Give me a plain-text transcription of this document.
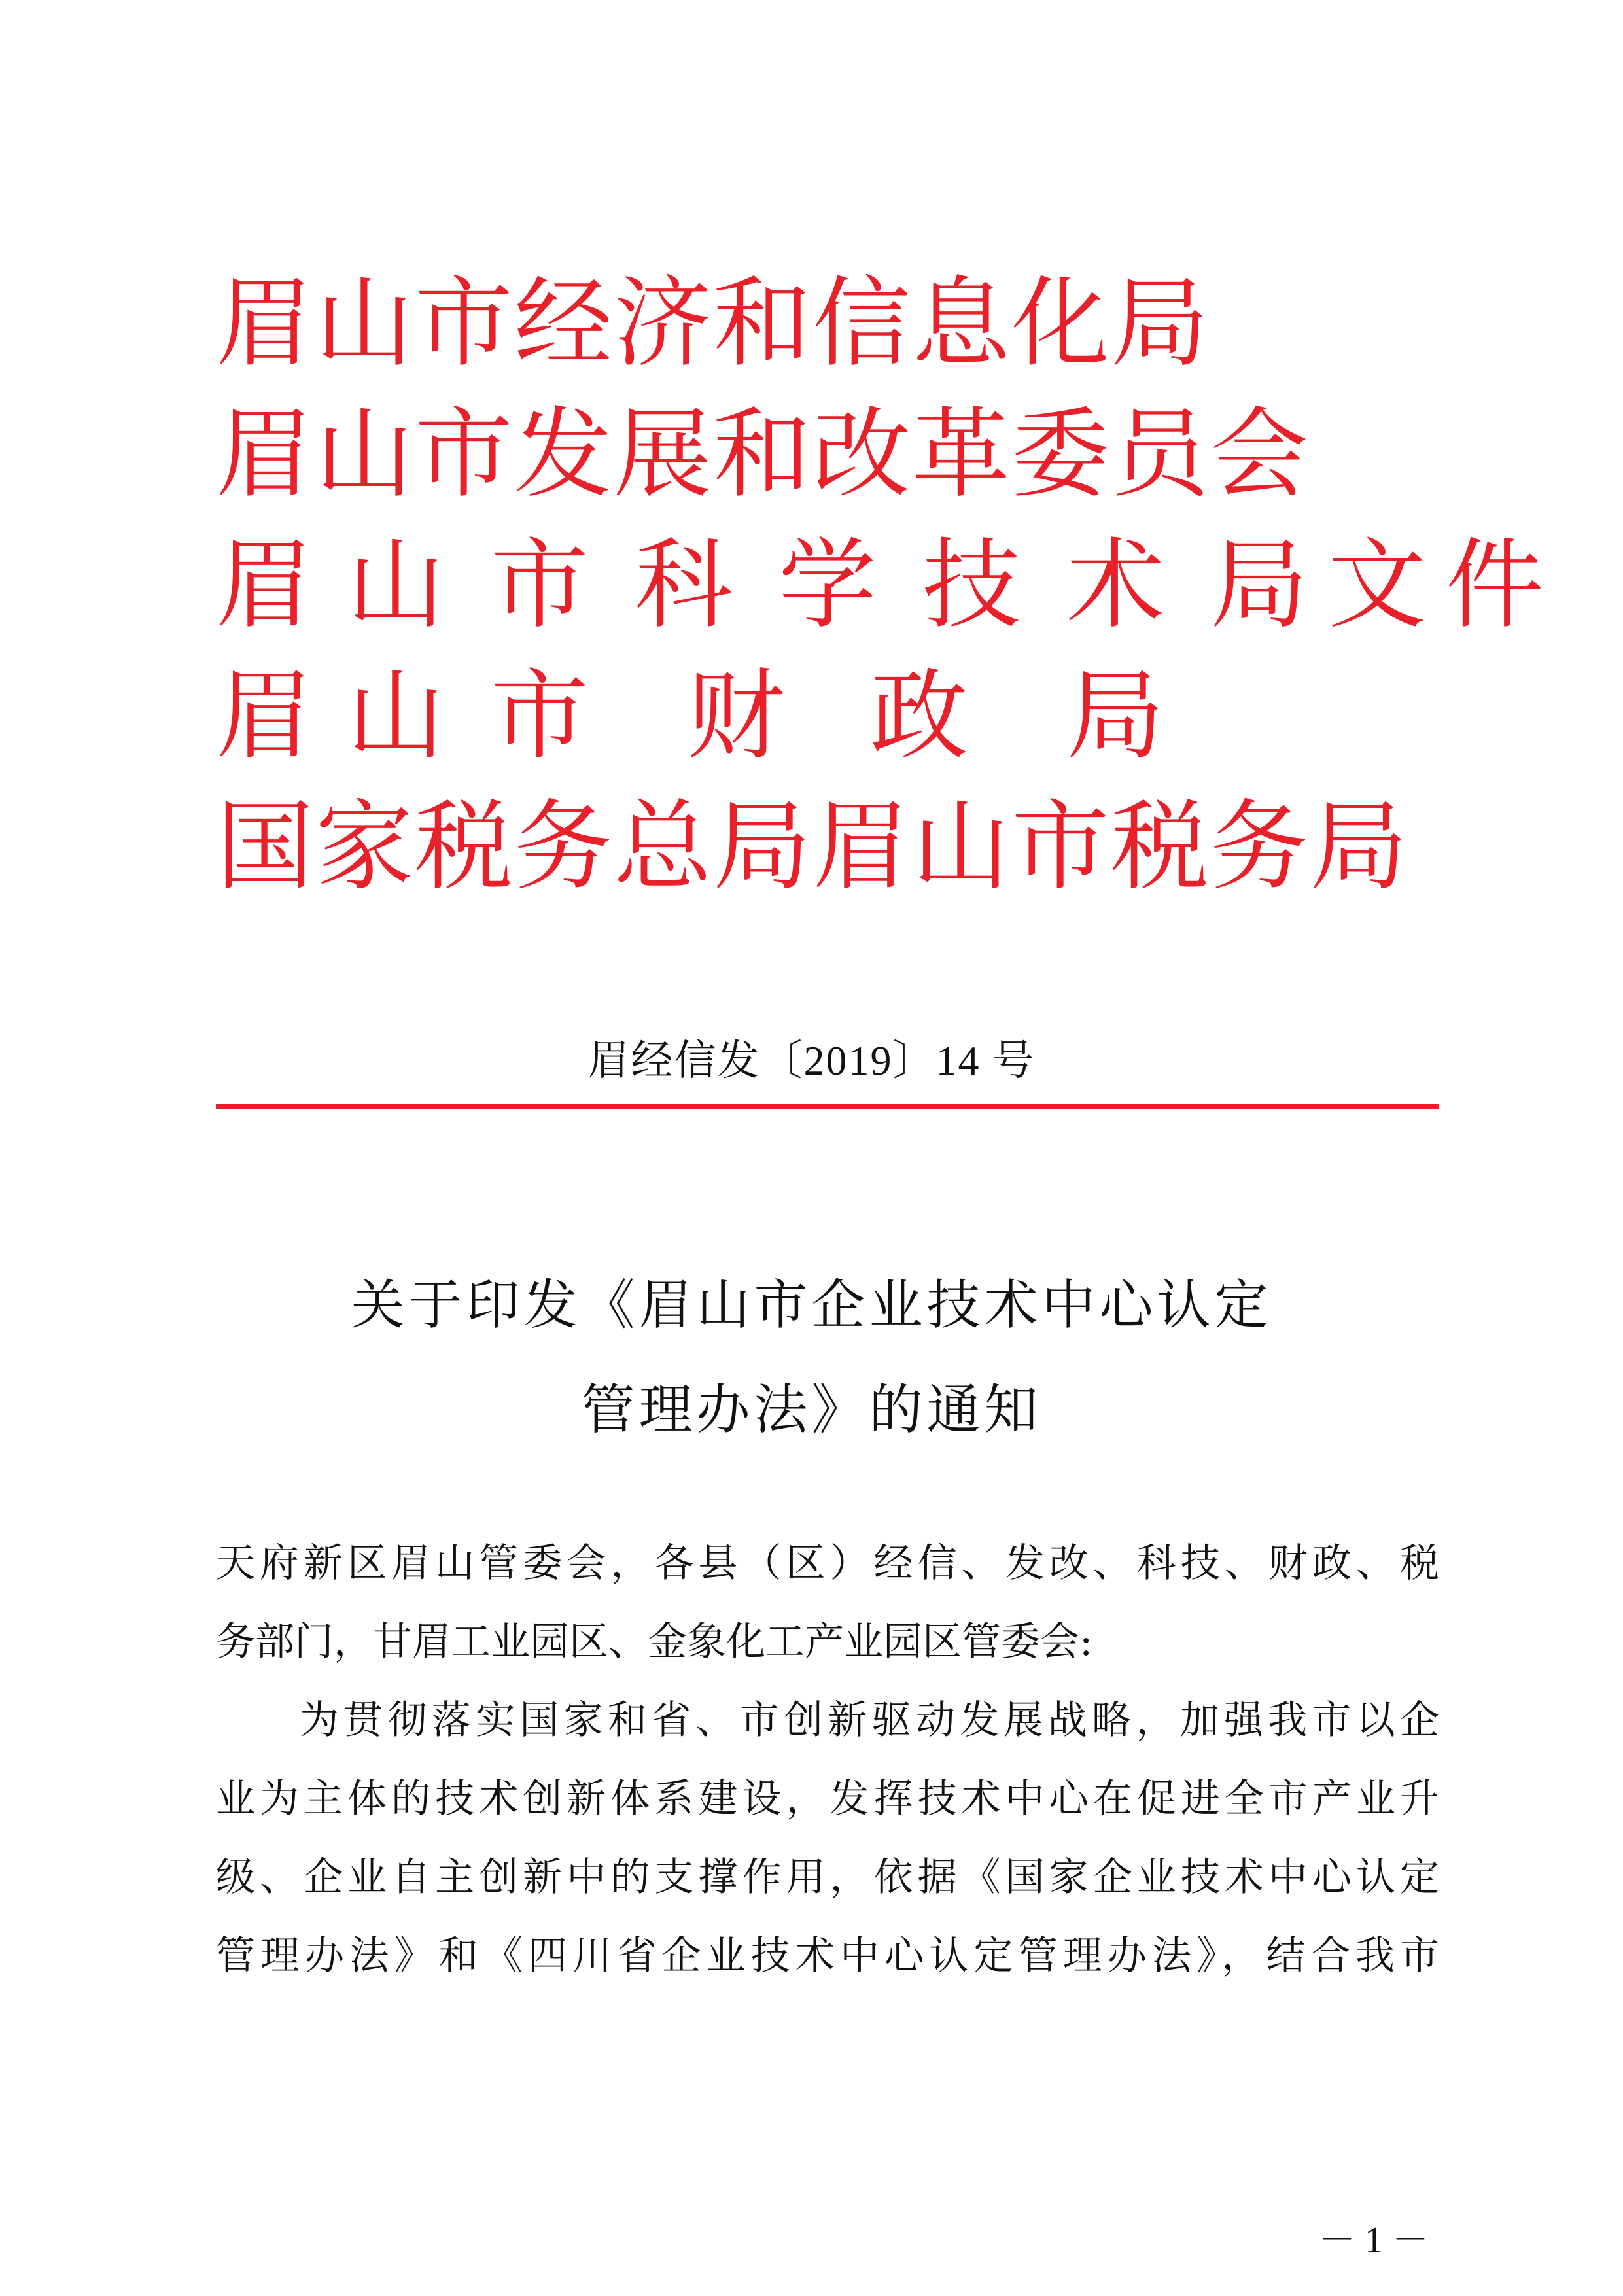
眉 山 市 经 济 和 信 息 化 局
眉 山 市 发 展 和 改 革 委 员 会
眉 山 市 科 学 技 术 局 文 件
眉 山 市 财 政 局
国 家 税 务 总 局 眉 山 市 税 务 局
眉经信发〔2019〕14 号
关于印发《眉山市企业技术中心认定
管理办法》的通知
天府新区眉山管委会，各县（区）经信、发改、科技、财政、税
务部门，甘眉工业园区、金象化工产业园区管委会:
为贯彻落实国家和省、市创新驱动发展战略，加强我市以企
业为主体的技术创新体系建设，发挥技术中心在促进全市产业升
级、企业自主创新中的支撑作用，依据《国家企业技术中心认定
管理办法》和《四川省企业技术中心认定管理办法》，结合我市
－ 1 －
